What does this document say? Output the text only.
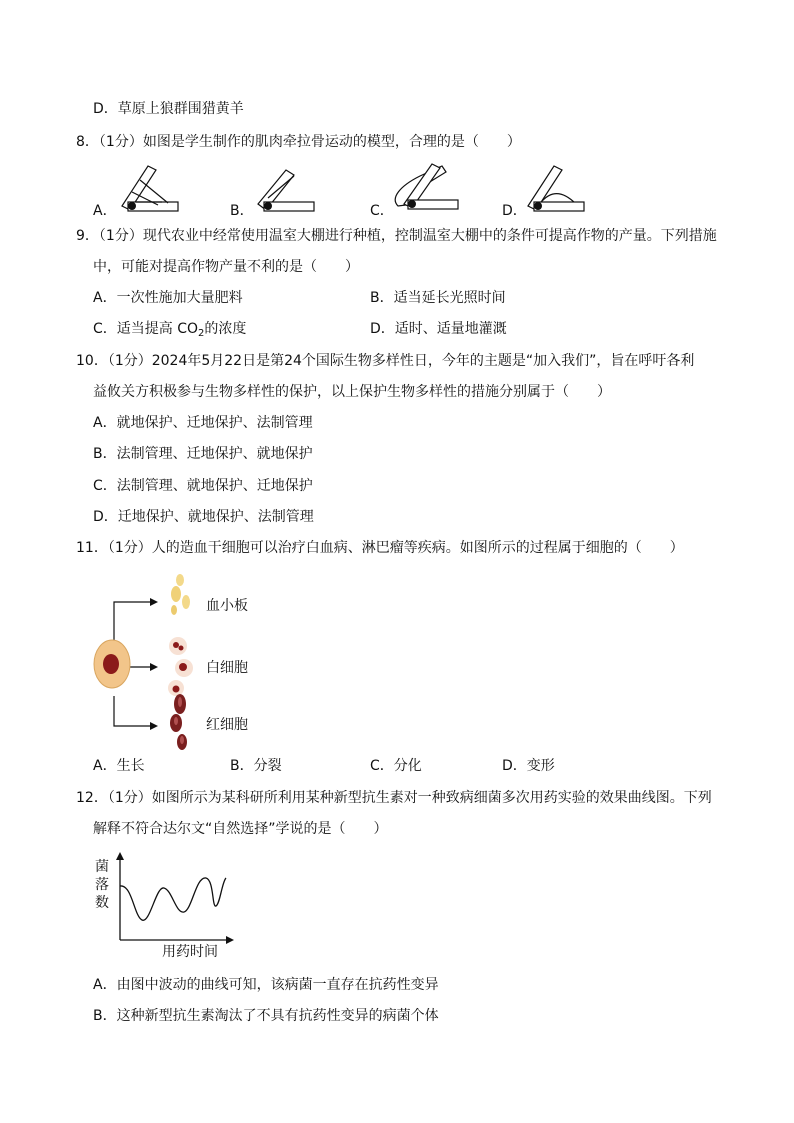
D．草原上狼群围猎黄羊
8．（1分）如图是学生制作的肌肉牵拉骨运动的模型，合理的是（　　）
A．	B．	C．	D．
9．（1分）现代农业中经常使用温室大棚进行种植，控制温室大棚中的条件可提高作物的产量。下列措施
中，可能对提高作物产量不利的是（　　）
A．一次性施加大量肥料	B．适当延长光照时间
C．适当提高 $CO_2$的浓度	D．适时、适量地灌溉
10．（1分）2024年5月22日是第24个国际生物多样性日，今年的主题是“加入我们”，旨在呼吁各利
益攸关方积极参与生物多样性的保护，以上保护生物多样性的措施分别属于（　　）
A．就地保护、迁地保护、法制管理
B．法制管理、迁地保护、就地保护
C．法制管理、就地保护、迁地保护
D．迁地保护、就地保护、法制管理
11．（1分）人的造血干细胞可以治疗白血病、淋巴瘤等疾病。如图所示的过程属于细胞的（　　）
血小板
白细胞
红细胞
A．生长	B．分裂	C．分化	D．变形
12．（1分）如图所示为某科研所利用某种新型抗生素对一种致病细菌多次用药实验的效果曲线图。下列
解释不符合达尔文“自然选择”学说的是（　　）
菌
落
数
用药时间
A．由图中波动的曲线可知，该病菌一直存在抗药性变异
B．这种新型抗生素淘汰了不具有抗药性变异的病菌个体
